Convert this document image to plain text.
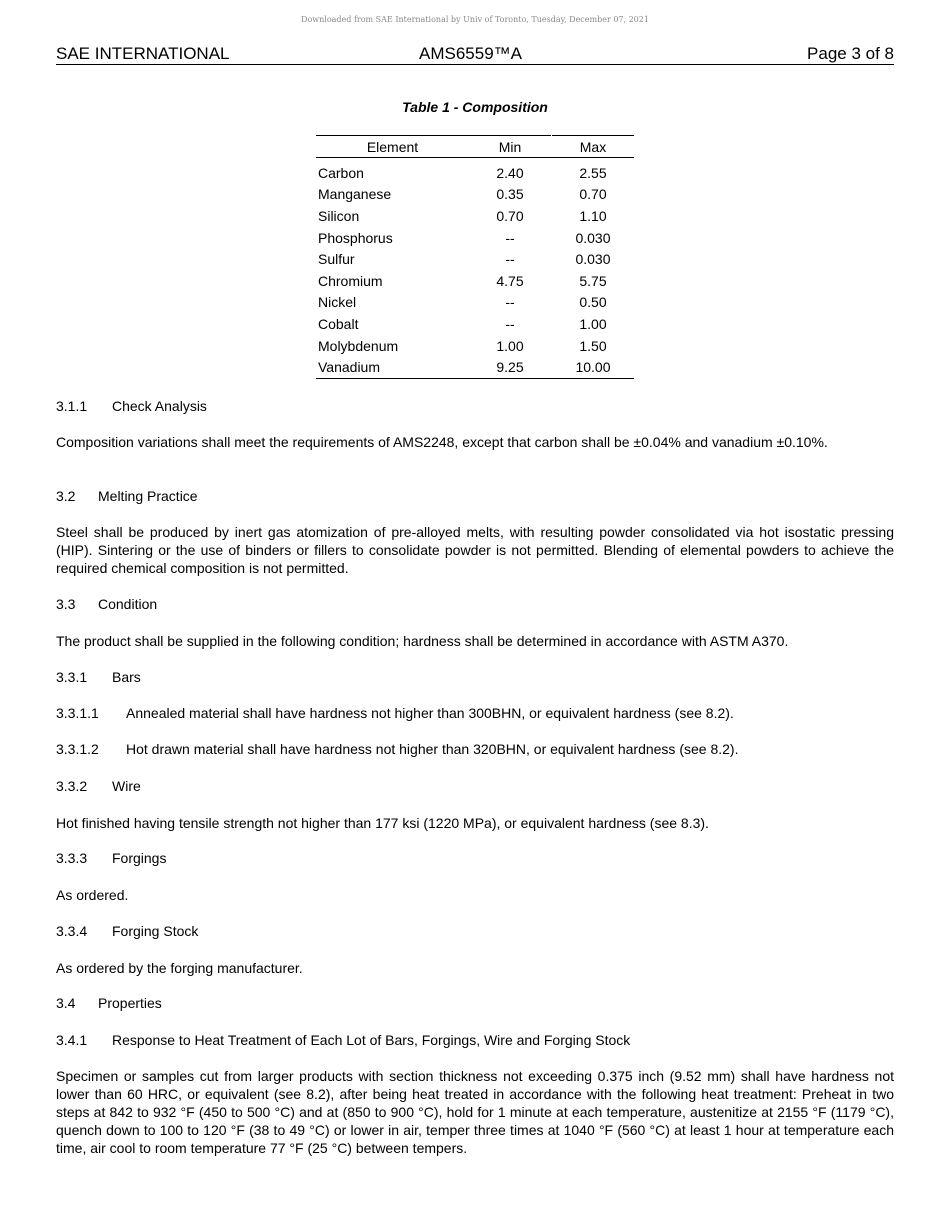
Downloaded from SAE International by Univ of Toronto, Tuesday, December 07, 2021
SAE INTERNATIONAL	AMS6559™A	Page 3 of 8
Table 1 - Composition
Element	Min	Max
Carbon	2.40	2.55
Manganese	0.35	0.70
Silicon	0.70	1.10
Phosphorus	--	0.030
Sulfur	--	0.030
Chromium	4.75	5.75
Nickel	--	0.50
Cobalt	--	1.00
Molybdenum	1.00	1.50
Vanadium	9.25	10.00
3.1.1 Check Analysis
Composition variations shall meet the requirements of AMS2248, except that carbon shall be ±0.04% and vanadium ±0.10%.
3.2 Melting Practice
Steel shall be produced by inert gas atomization of pre-alloyed melts, with resulting powder consolidated via hot isostatic pressing (HIP). Sintering or the use of binders or fillers to consolidate powder is not permitted. Blending of elemental powders to achieve the required chemical composition is not permitted.
3.3 Condition
The product shall be supplied in the following condition; hardness shall be determined in accordance with ASTM A370.
3.3.1 Bars
3.3.1.1 Annealed material shall have hardness not higher than 300BHN, or equivalent hardness (see 8.2).
3.3.1.2 Hot drawn material shall have hardness not higher than 320BHN, or equivalent hardness (see 8.2).
3.3.2 Wire
Hot finished having tensile strength not higher than 177 ksi (1220 MPa), or equivalent hardness (see 8.3).
3.3.3 Forgings
As ordered.
3.3.4 Forging Stock
As ordered by the forging manufacturer.
3.4 Properties
3.4.1 Response to Heat Treatment of Each Lot of Bars, Forgings, Wire and Forging Stock
Specimen or samples cut from larger products with section thickness not exceeding 0.375 inch (9.52 mm) shall have hardness not lower than 60 HRC, or equivalent (see 8.2), after being heat treated in accordance with the following heat treatment: Preheat in two steps at 842 to 932 °F (450 to 500 °C) and at (850 to 900 °C), hold for 1 minute at each temperature, austenitize at 2155 °F (1179 °C), quench down to 100 to 120 °F (38 to 49 °C) or lower in air, temper three times at 1040 °F (560 °C) at least 1 hour at temperature each time, air cool to room temperature 77 °F (25 °C) between tempers.
